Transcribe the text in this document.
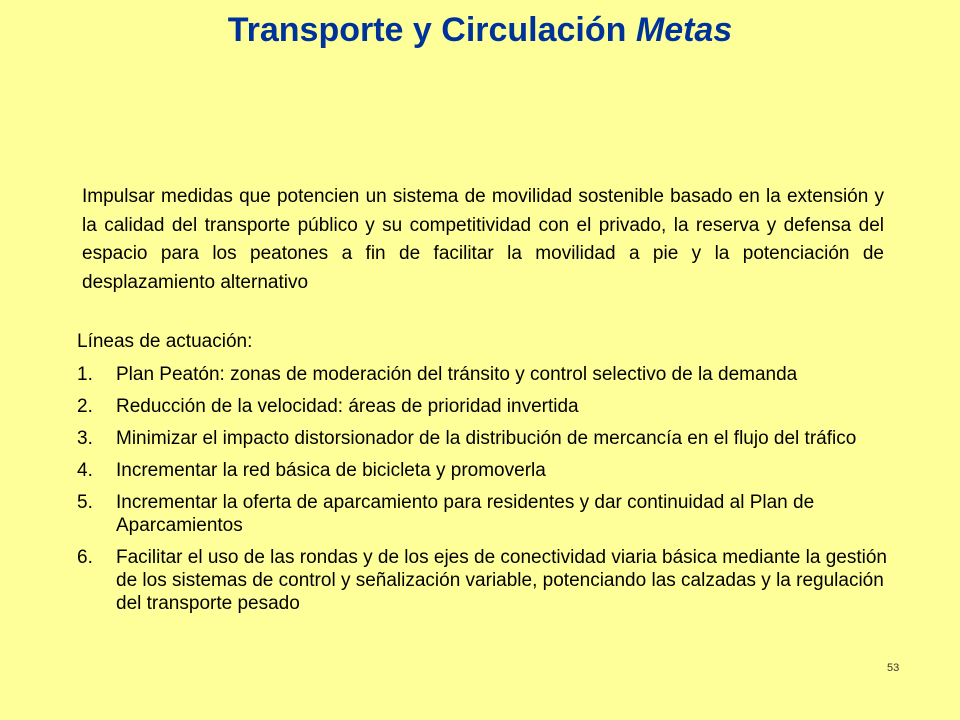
Transporte y Circulación Metas
Impulsar medidas que potencien un sistema de movilidad sostenible basado en la extensión y la calidad del transporte público y su competitividad con el privado, la reserva y defensa del espacio para los peatones a fin de facilitar la movilidad a pie y la potenciación de desplazamiento alternativo
Líneas de actuación:
1.	Plan Peatón: zonas de moderación del tránsito y control selectivo de la demanda
2.	Reducción de la velocidad: áreas de prioridad invertida
3.	Minimizar el impacto distorsionador de la distribución de mercancía en el flujo del tráfico
4.	Incrementar la red básica de bicicleta y promoverla
5.	Incrementar la oferta de aparcamiento para residentes y dar continuidad al Plan de Aparcamientos
6.	Facilitar el uso de las rondas y de los ejes de conectividad viaria básica mediante la gestión de los sistemas de control y señalización variable, potenciando las calzadas y la regulación del transporte pesado
53
